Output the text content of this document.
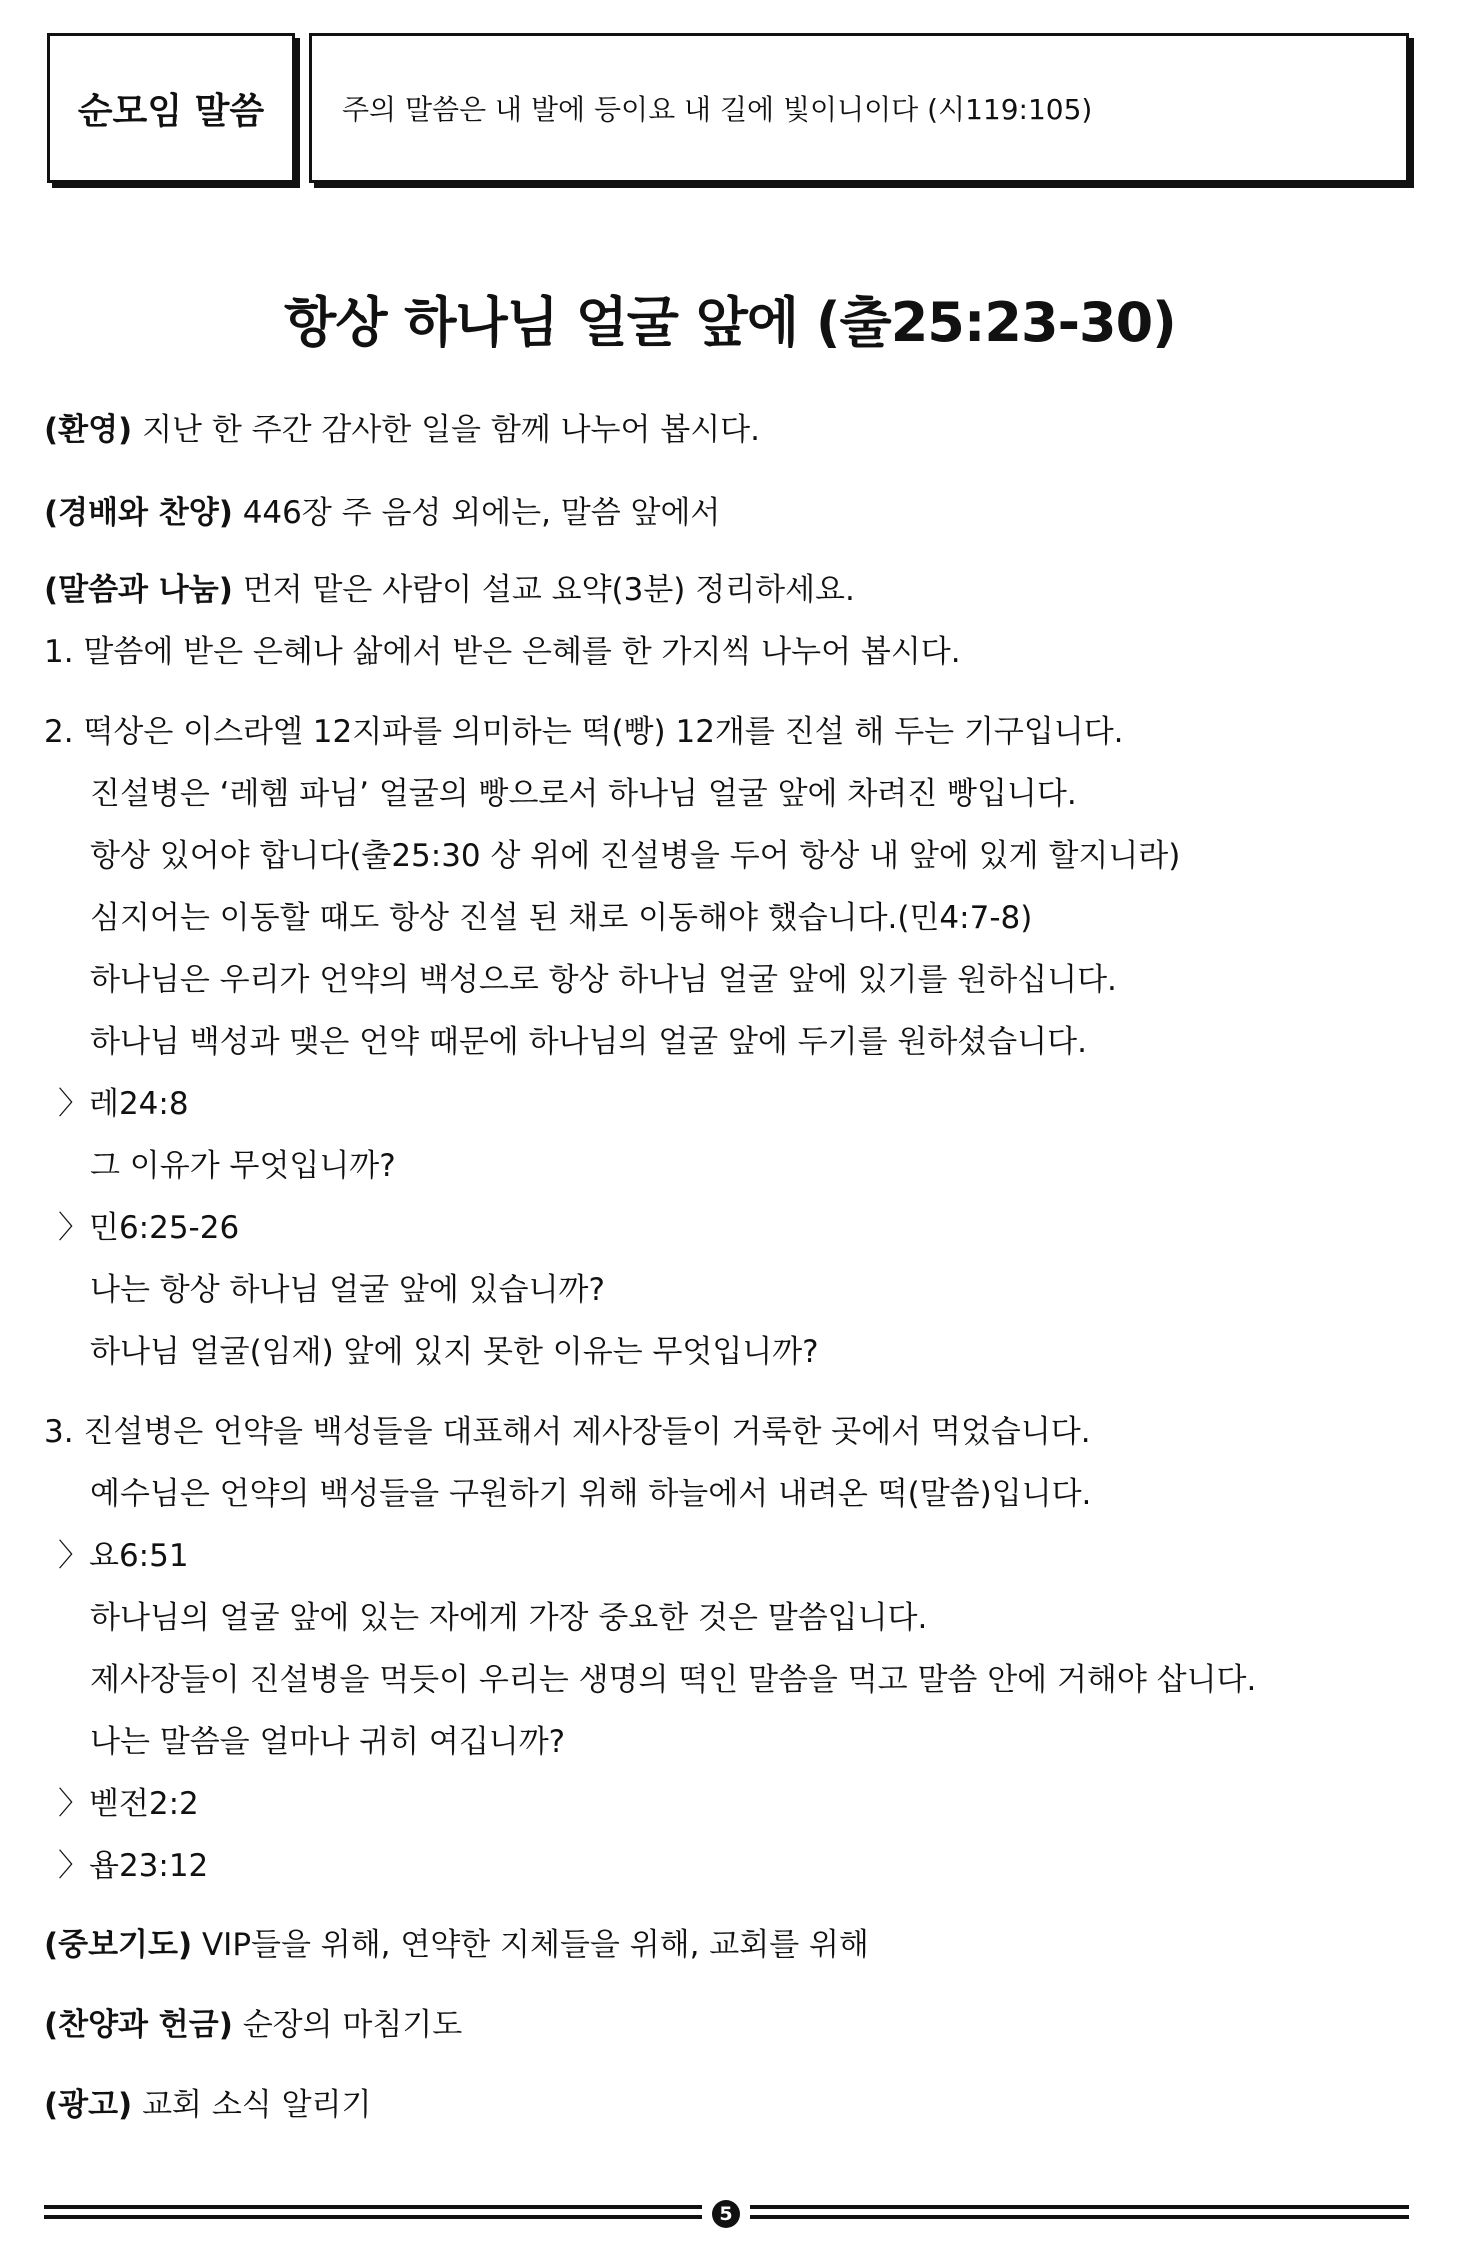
순모임 말씀	주의 말씀은 내 발에 등이요 내 길에 빛이니이다 (시119:105)
항상 하나님 얼굴 앞에 (출25:23-30)
(환영) 지난 한 주간 감사한 일을 함께 나누어 봅시다.
(경배와 찬양) 446장 주 음성 외에는, 말씀 앞에서
(말씀과 나눔) 먼저 맡은 사람이 설교 요약(3분) 정리하세요.
1. 말씀에 받은 은혜나 삶에서 받은 은혜를 한 가지씩 나누어 봅시다.
2. 떡상은 이스라엘 12지파를 의미하는 떡(빵) 12개를 진설 해 두는 기구입니다.
진설병은 ‘레헴 파님’ 얼굴의 빵으로서 하나님 얼굴 앞에 차려진 빵입니다.
항상 있어야 합니다(출25:30 상 위에 진설병을 두어 항상 내 앞에 있게 할지니라)
심지어는 이동할 때도 항상 진설 된 채로 이동해야 했습니다.(민4:7-8)
하나님은 우리가 언약의 백성으로 항상 하나님 얼굴 앞에 있기를 원하십니다.
하나님 백성과 맺은 언약 때문에 하나님의 얼굴 앞에 두기를 원하셨습니다.
〉레24:8
그 이유가 무엇입니까?
〉민6:25-26
나는 항상 하나님 얼굴 앞에 있습니까?
하나님 얼굴(임재) 앞에 있지 못한 이유는 무엇입니까?
3. 진설병은 언약을 백성들을 대표해서 제사장들이 거룩한 곳에서 먹었습니다.
예수님은 언약의 백성들을 구원하기 위해 하늘에서 내려온 떡(말씀)입니다.
〉요6:51
하나님의 얼굴 앞에 있는 자에게 가장 중요한 것은 말씀입니다.
제사장들이 진설병을 먹듯이 우리는 생명의 떡인 말씀을 먹고 말씀 안에 거해야 삽니다.
나는 말씀을 얼마나 귀히 여깁니까?
〉벧전2:2
〉욥23:12
(중보기도) VIP들을 위해, 연약한 지체들을 위해, 교회를 위해
(찬양과 헌금) 순장의 마침기도
(광고) 교회 소식 알리기
5
